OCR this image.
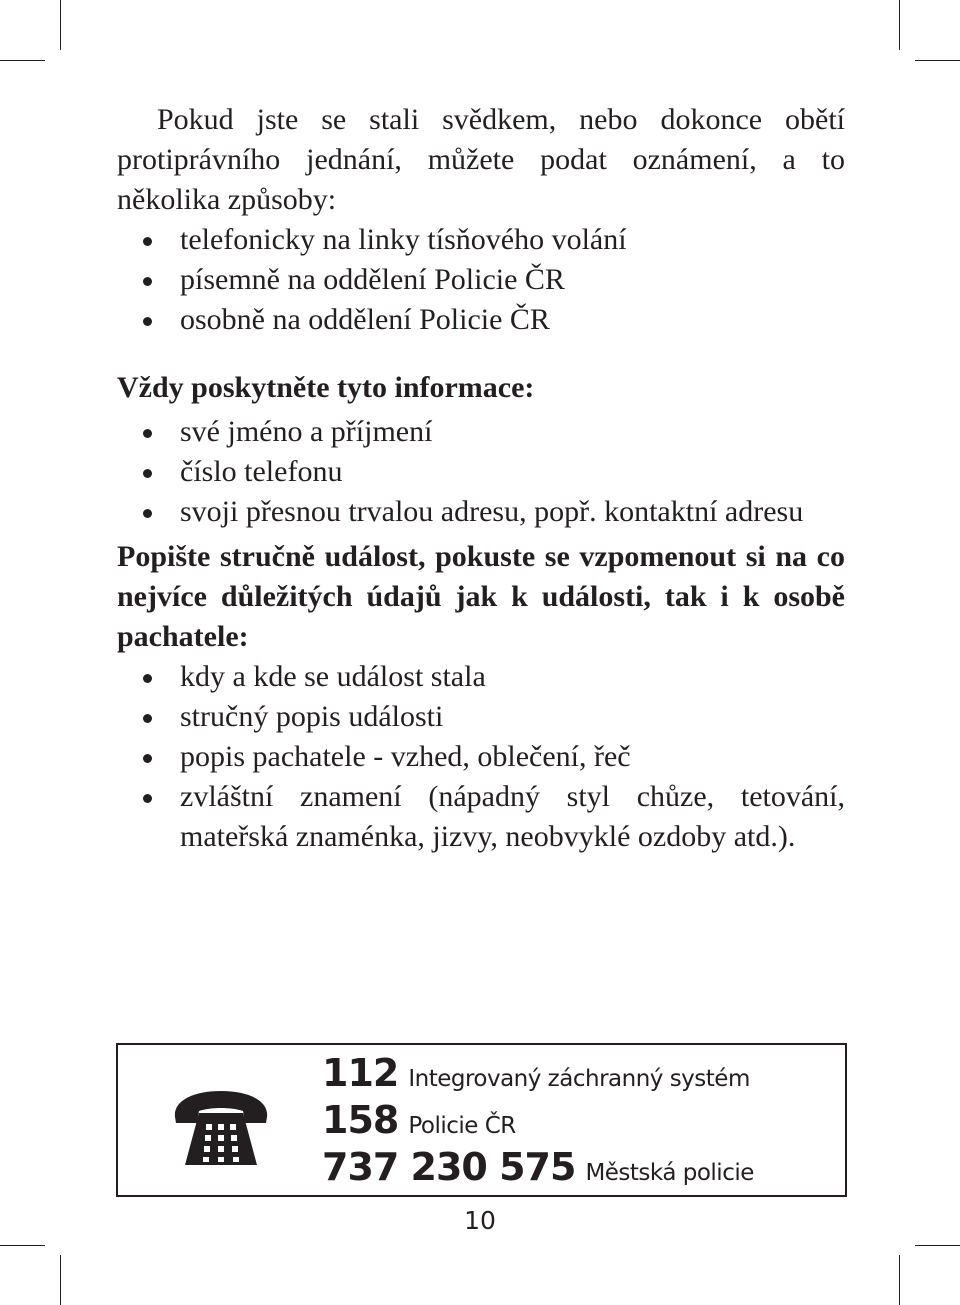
Pokud jste se stali svědkem, nebo dokonce obětí protiprávního jednání, můžete podat oznámení, a to několika způsoby:

telefonicky na linky tísňového volání
písemně na oddělení Policie ČR
osobně na oddělení Policie ČR

Vždy poskytněte tyto informace:

své jméno a příjmení
číslo telefonu
svoji přesnou trvalou adresu, popř. kontaktní adresu

Popište stručně událost, pokuste se vzpomenout si na co nejvíce důležitých údajů jak k události, tak i k osobě pachatele:

kdy a kde se událost stala
stručný popis události
popis pachatele - vzhed, oblečení, řeč
zvláštní znamení (nápadný styl chůze, tetování, mateřská znaménka, jizvy, neobvyklé ozdoby atd.).
112 Integrovaný záchranný systém
158 Policie ČR
737 230 575 Městská policie
10
